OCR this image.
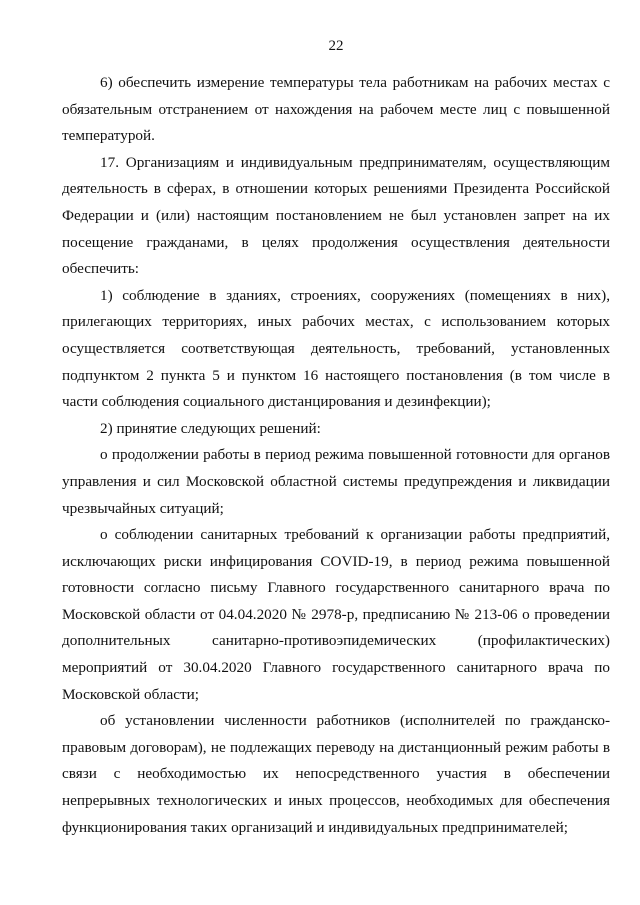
22

6) обеспечить измерение температуры тела работникам на рабочих местах с обязательным отстранением от нахождения на рабочем месте лиц с повышенной температурой.

17. Организациям и индивидуальным предпринимателям, осуществляющим деятельность в сферах, в отношении которых решениями Президента Российской Федерации и (или) настоящим постановлением не был установлен запрет на их посещение гражданами, в целях продолжения осуществления деятельности обеспечить:

1) соблюдение в зданиях, строениях, сооружениях (помещениях в них), прилегающих территориях, иных рабочих местах, с использованием которых осуществляется соответствующая деятельность, требований, установленных подпунктом 2 пункта 5 и пунктом 16 настоящего постановления (в том числе в части соблюдения социального дистанцирования и дезинфекции);

2) принятие следующих решений:

о продолжении работы в период режима повышенной готовности для органов управления и сил Московской областной системы предупреждения и ликвидации чрезвычайных ситуаций;

о соблюдении санитарных требований к организации работы предприятий, исключающих риски инфицирования COVID-19, в период режима повышенной готовности согласно письму Главного государственного санитарного врача по Московской области от 04.04.2020 № 2978-р, предписанию № 213-06 о проведении дополнительных санитарно-противоэпидемических (профилактических) мероприятий от 30.04.2020 Главного государственного санитарного врача по Московской области;

об установлении численности работников (исполнителей по гражданско-правовым договорам), не подлежащих переводу на дистанционный режим работы в связи с необходимостью их непосредственного участия в обеспечении непрерывных технологических и иных процессов, необходимых для обеспечения функционирования таких организаций и индивидуальных предпринимателей;
